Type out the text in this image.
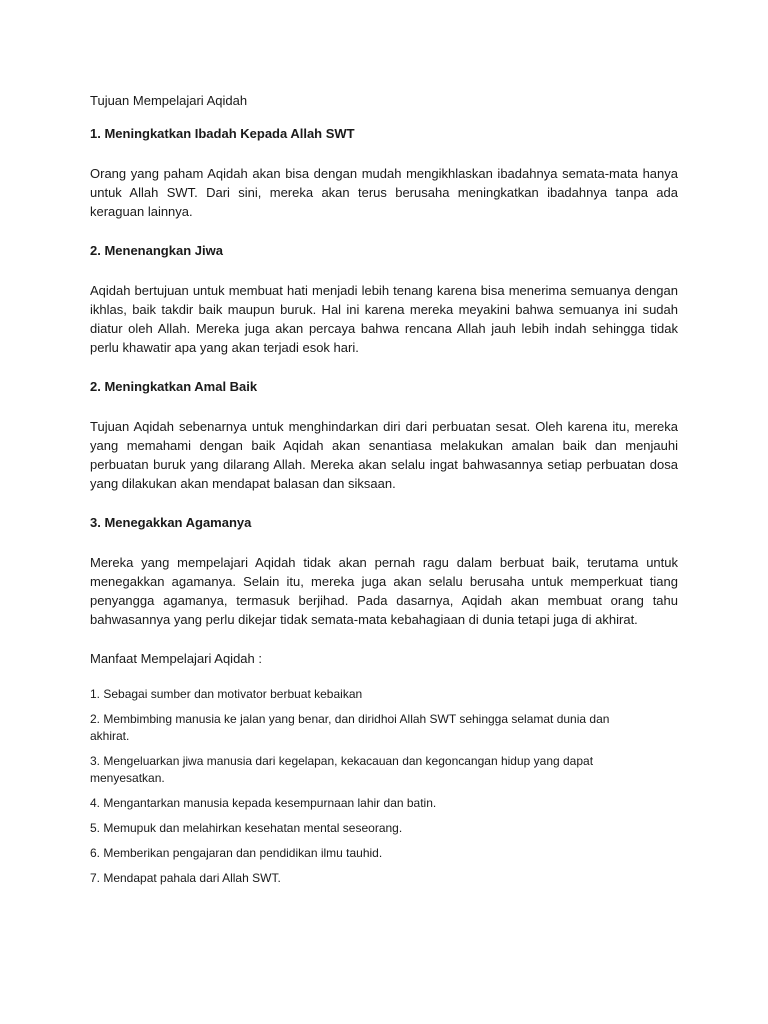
Tujuan Mempelajari Aqidah

1. Meningkatkan Ibadah Kepada Allah SWT

Orang yang paham Aqidah akan bisa dengan mudah mengikhlaskan ibadahnya semata-mata hanya untuk Allah SWT. Dari sini, mereka akan terus berusaha meningkatkan ibadahnya tanpa ada keraguan lainnya.

2. Menenangkan Jiwa

Aqidah bertujuan untuk membuat hati menjadi lebih tenang karena bisa menerima semuanya dengan ikhlas, baik takdir baik maupun buruk. Hal ini karena mereka meyakini bahwa semuanya ini sudah diatur oleh Allah. Mereka juga akan percaya bahwa rencana Allah jauh lebih indah sehingga tidak perlu khawatir apa yang akan terjadi esok hari.

2. Meningkatkan Amal Baik

Tujuan Aqidah sebenarnya untuk menghindarkan diri dari perbuatan sesat. Oleh karena itu, mereka yang memahami dengan baik Aqidah akan senantiasa melakukan amalan baik dan menjauhi perbuatan buruk yang dilarang Allah. Mereka akan selalu ingat bahwasannya setiap perbuatan dosa yang dilakukan akan mendapat balasan dan siksaan.

3. Menegakkan Agamanya

Mereka yang mempelajari Aqidah tidak akan pernah ragu dalam berbuat baik, terutama untuk menegakkan agamanya. Selain itu, mereka juga akan selalu berusaha untuk memperkuat tiang penyangga agamanya, termasuk berjihad. Pada dasarnya, Aqidah akan membuat orang tahu bahwasannya yang perlu dikejar tidak semata-mata kebahagiaan di dunia tetapi juga di akhirat.

Manfaat Mempelajari Aqidah :

1. Sebagai sumber dan motivator berbuat kebaikan
2. Membimbing manusia ke jalan yang benar, dan diridhoi Allah SWT sehingga selamat dunia dan akhirat.
3. Mengeluarkan jiwa manusia dari kegelapan, kekacauan dan kegoncangan hidup yang dapat menyesatkan.
4. Mengantarkan manusia kepada kesempurnaan lahir dan batin.
5. Memupuk dan melahirkan kesehatan mental seseorang.
6. Memberikan pengajaran dan pendidikan ilmu tauhid.
7. Mendapat pahala dari Allah SWT.
